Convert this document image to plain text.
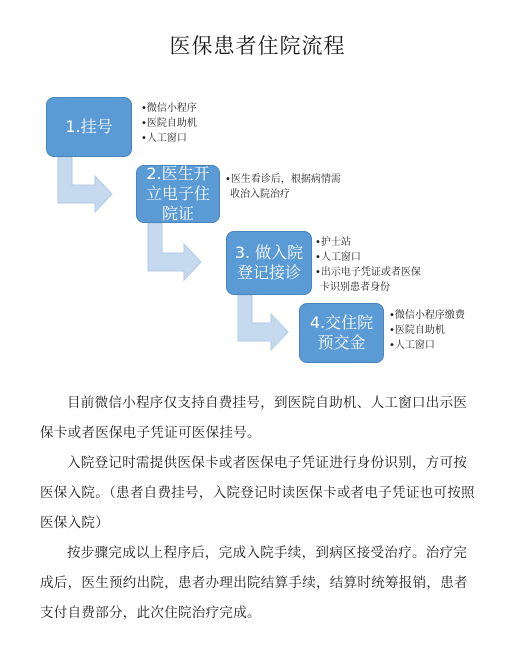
医保患者住院流程
1.挂号
2.医生开
立电子住
院证
3. 做入院
登记接诊
4.交住院
预交金
• 微信小程序
• 医院自助机
• 人工窗口
• 医生看诊后，根据病情需收治入院治疗
• 护士站
• 人工窗口
• 出示电子凭证或者医保卡识别患者身份
• 微信小程序缴费
• 医院自助机
• 人工窗口

目前微信小程序仅支持自费挂号，到医院自助机、人工窗口出示医保卡或者医保电子凭证可医保挂号。

入院登记时需提供医保卡或者医保电子凭证进行身份识别，方可按医保入院。（患者自费挂号，入院登记时读医保卡或者电子凭证也可按照医保入院）

按步骤完成以上程序后，完成入院手续，到病区接受治疗。治疗完成后，医生预约出院，患者办理出院结算手续，结算时统筹报销，患者支付自费部分，此次住院治疗完成。
